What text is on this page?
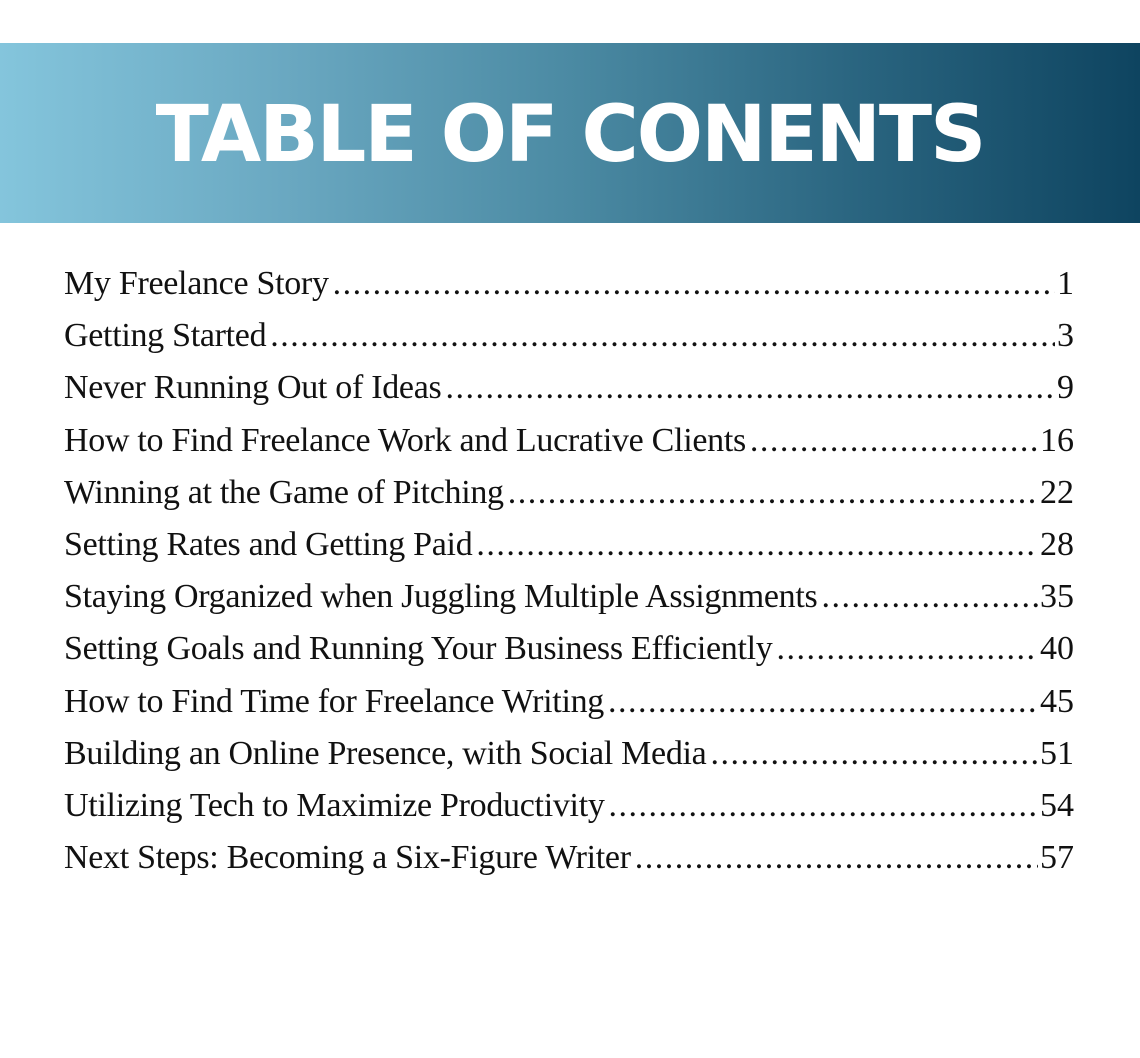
TABLE OF CONENTS
My Freelance Story .....	1
Getting Started .....	3
Never Running Out of Ideas .....	9
How to Find Freelance Work and Lucrative Clients .....	16
Winning at the Game of Pitching .....	22
Setting Rates and Getting Paid .....	28
Staying Organized when Juggling Multiple Assignments .....	35
Setting Goals and Running Your Business Efficiently .....	40
How to Find Time for Freelance Writing .....	45
Building an Online Presence, with Social Media .....	51
Utilizing Tech to Maximize Productivity .....	54
Next Steps: Becoming a Six-Figure Writer .....	57
